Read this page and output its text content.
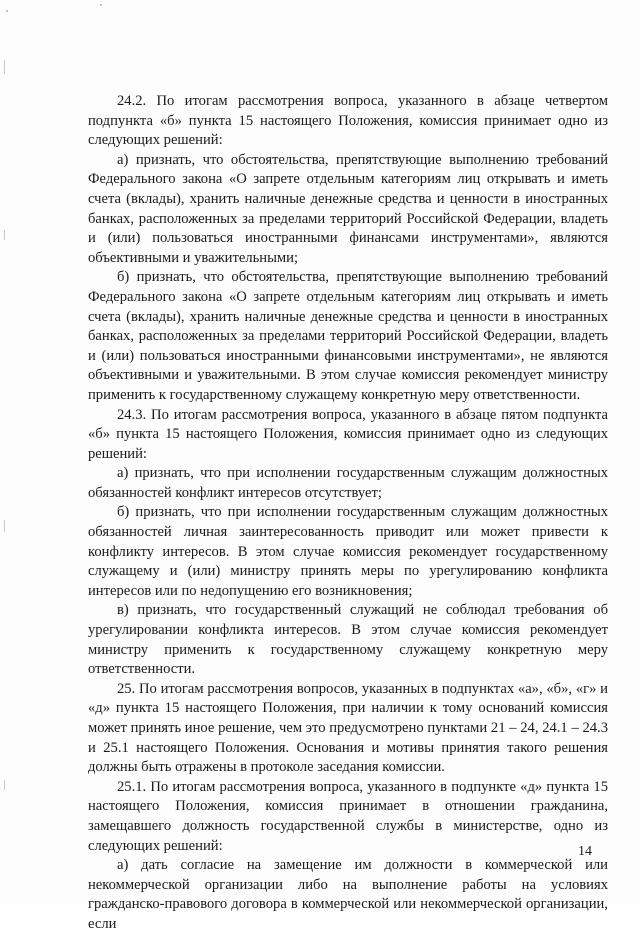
24.2. По итогам рассмотрения вопроса, указанного в абзаце четвертом подпункта «б» пункта 15 настоящего Положения, комиссия принимает одно из следующих решений:

а) признать, что обстоятельства, препятствующие выполнению требований Федерального закона «О запрете отдельным категориям лиц открывать и иметь счета (вклады), хранить наличные денежные средства и ценности в иностранных банках, расположенных за пределами территорий Российской Федерации, владеть и (или) пользоваться иностранными финансами инструментами», являются объективными и уважительными;

б) признать, что обстоятельства, препятствующие выполнению требований Федерального закона «О запрете отдельным категориям лиц открывать и иметь счета (вклады), хранить наличные денежные средства и ценности в иностранных банках, расположенных за пределами территорий Российской Федерации, владеть и (или) пользоваться иностранными финансовыми инструментами», не являются объективными и уважительными. В этом случае комиссия рекомендует министру применить к государственному служащему конкретную меру ответственности.

24.3. По итогам рассмотрения вопроса, указанного в абзаце пятом подпункта «б» пункта 15 настоящего Положения, комиссия принимает одно из следующих решений:

а) признать, что при исполнении государственным служащим должностных обязанностей конфликт интересов отсутствует;

б) признать, что при исполнении государственным служащим должностных обязанностей личная заинтересованность приводит или может привести к конфликту интересов. В этом случае комиссия рекомендует государственному служащему и (или) министру принять меры по урегулированию конфликта интересов или по недопущению его возникновения;

в) признать, что государственный служащий не соблюдал требования об урегулировании конфликта интересов. В этом случае комиссия рекомендует министру применить к государственному служащему конкретную меру ответственности.

25. По итогам рассмотрения вопросов, указанных в подпунктах «а», «б», «г» и «д» пункта 15 настоящего Положения, при наличии к тому оснований комиссия может принять иное решение, чем это предусмотрено пунктами 21 – 24, 24.1 – 24.3 и 25.1 настоящего Положения. Основания и мотивы принятия такого решения должны быть отражены в протоколе заседания комиссии.

25.1. По итогам рассмотрения вопроса, указанного в подпункте «д» пункта 15 настоящего Положения, комиссия принимает в отношении гражданина, замещавшего должность государственной службы в министерстве, одно из следующих решений:

а) дать согласие на замещение им должности в коммерческой или некоммерческой организации либо на выполнение работы на условиях гражданско-правового договора в коммерческой или некоммерческой организации, если

14
